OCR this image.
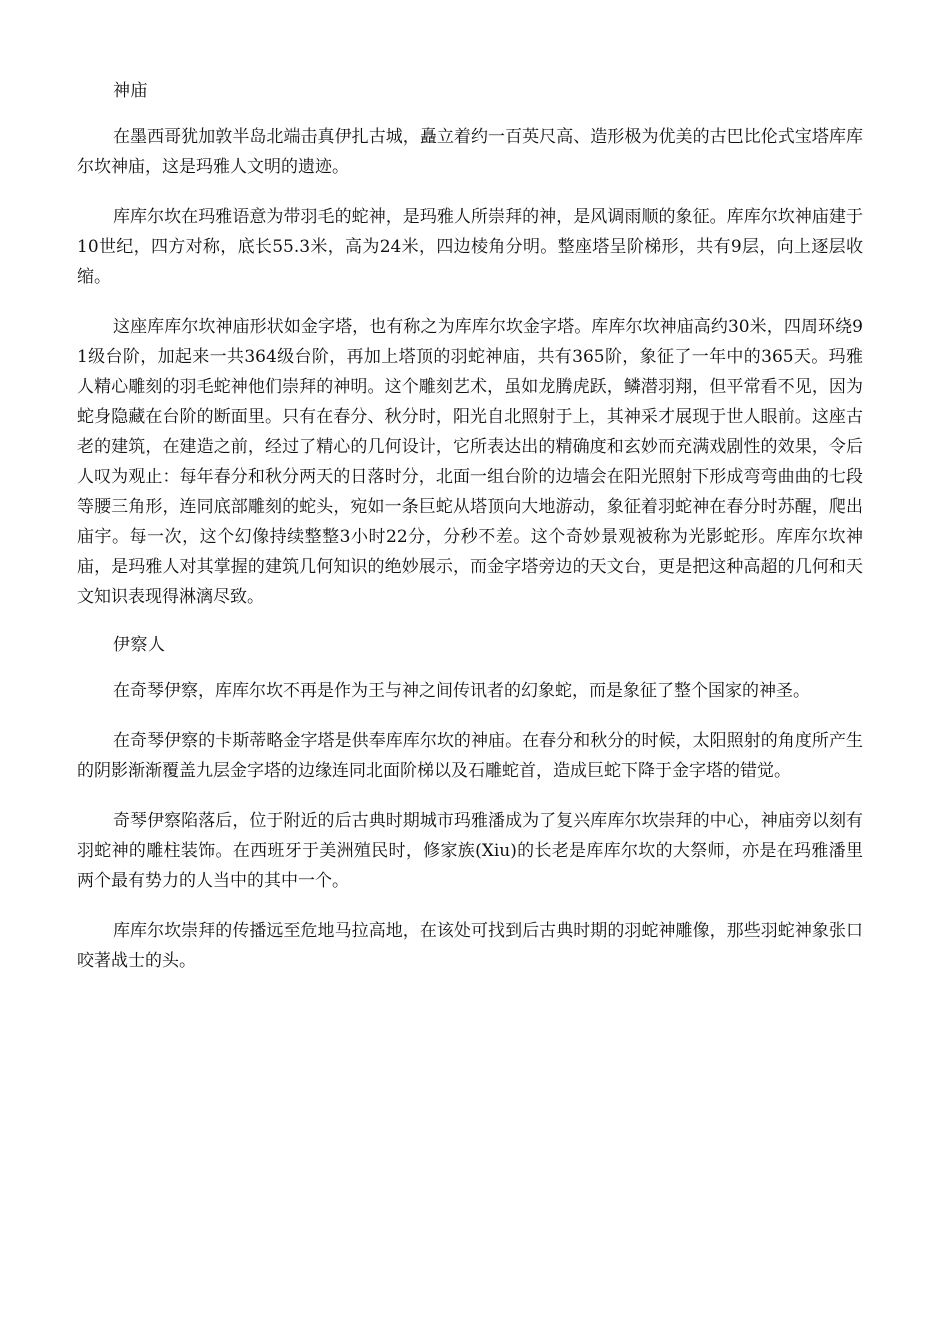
神庙

在墨西哥犹加敦半岛北端击真伊扎古城，矗立着约一百英尺高、造形极为优美的古巴比伦式宝塔库库尔坎神庙，这是玛雅人文明的遗迹。

库库尔坎在玛雅语意为带羽毛的蛇神，是玛雅人所崇拜的神，是风调雨顺的象征。库库尔坎神庙建于10世纪，四方对称，底长55.3米，高为24米，四边棱角分明。整座塔呈阶梯形，共有9层，向上逐层收缩。

这座库库尔坎神庙形状如金字塔，也有称之为库库尔坎金字塔。库库尔坎神庙高约30米，四周环绕91级台阶，加起来一共364级台阶，再加上塔顶的羽蛇神庙，共有365阶，象征了一年中的365天。玛雅人精心雕刻的羽毛蛇神他们崇拜的神明。这个雕刻艺术，虽如龙腾虎跃，鳞潜羽翔，但平常看不见，因为蛇身隐藏在台阶的断面里。只有在春分、秋分时，阳光自北照射于上，其神采才展现于世人眼前。这座古老的建筑，在建造之前，经过了精心的几何设计，它所表达出的精确度和玄妙而充满戏剧性的效果，令后人叹为观止：每年春分和秋分两天的日落时分，北面一组台阶的边墙会在阳光照射下形成弯弯曲曲的七段等腰三角形，连同底部雕刻的蛇头，宛如一条巨蛇从塔顶向大地游动，象征着羽蛇神在春分时苏醒，爬出庙宇。每一次，这个幻像持续整整3小时22分，分秒不差。这个奇妙景观被称为光影蛇形。库库尔坎神庙，是玛雅人对其掌握的建筑几何知识的绝妙展示，而金字塔旁边的天文台，更是把这种高超的几何和天文知识表现得淋漓尽致。

伊察人

在奇琴伊察，库库尔坎不再是作为王与神之间传讯者的幻象蛇，而是象征了整个国家的神圣。

在奇琴伊察的卡斯蒂略金字塔是供奉库库尔坎的神庙。在春分和秋分的时候，太阳照射的角度所产生的阴影渐渐覆盖九层金字塔的边缘连同北面阶梯以及石雕蛇首，造成巨蛇下降于金字塔的错觉。

奇琴伊察陷落后，位于附近的后古典时期城市玛雅潘成为了复兴库库尔坎崇拜的中心，神庙旁以刻有羽蛇神的雕柱装饰。在西班牙于美洲殖民时，修家族(Xiu)的长老是库库尔坎的大祭师，亦是在玛雅潘里两个最有势力的人当中的其中一个。

库库尔坎崇拜的传播远至危地马拉高地，在该处可找到后古典时期的羽蛇神雕像，那些羽蛇神象张口咬著战士的头。
